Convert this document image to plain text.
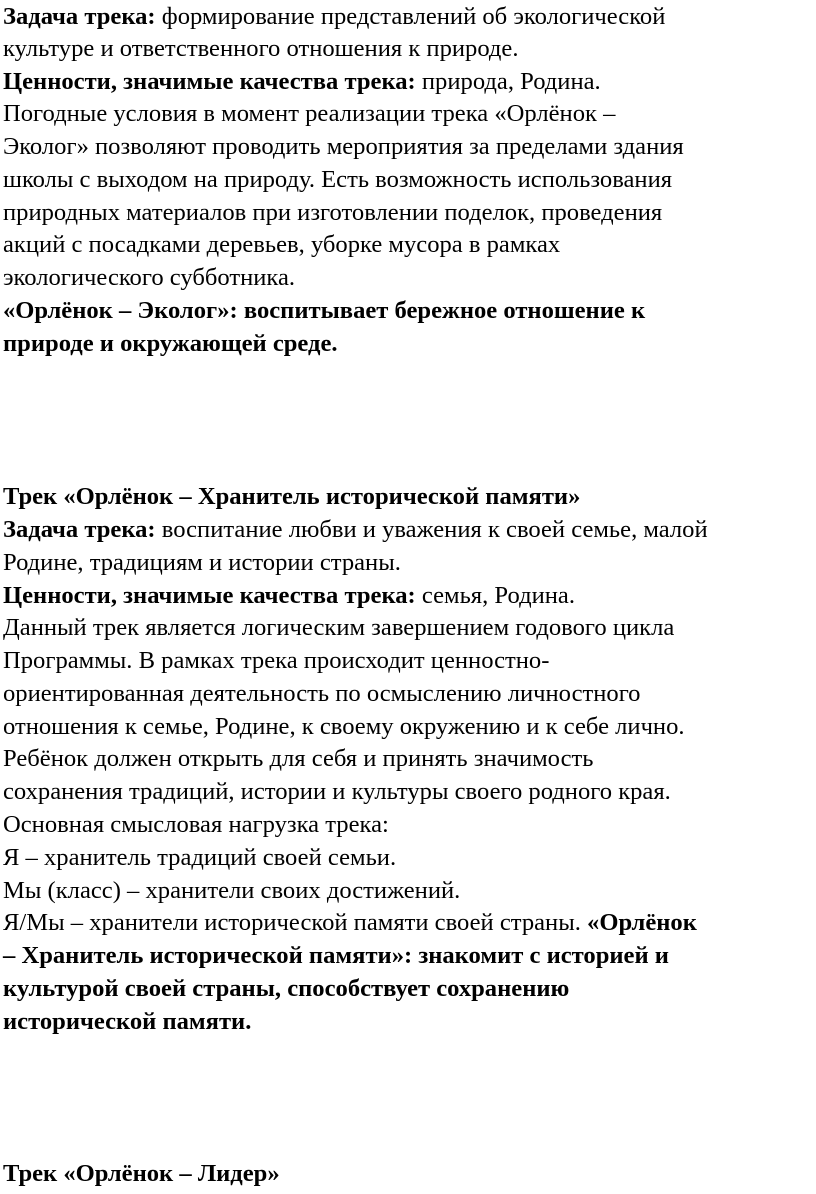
Задача трека: формирование представлений об экологической

культуре и ответственного отношения к природе.

Ценности, значимые качества трека: природа, Родина.

Погодные условия в момент реализации трека «Орлёнок –

Эколог» позволяют проводить мероприятия за пределами здания

школы с выходом на природу. Есть возможность использования

природных материалов при изготовлении поделок, проведения

акций с посадками деревьев, уборке мусора в рамках

экологического субботника.

«Орлёнок – Эколог»: воспитывает бережное отношение к

природе и окружающей среде.

Трек «Орлёнок – Хранитель исторической памяти»

Задача трека: воспитание любви и уважения к своей семье, малой

Родине, традициям и истории страны.

Ценности, значимые качества трека: семья, Родина.

Данный трек является логическим завершением годового цикла

Программы. В рамках трека происходит ценностно-

ориентированная деятельность по осмыслению личностного

отношения к семье, Родине, к своему окружению и к себе лично.

Ребёнок должен открыть для себя и принять значимость

сохранения традиций, истории и культуры своего родного края.

Основная смысловая нагрузка трека:

Я – хранитель традиций своей семьи.

Мы (класс) – хранители своих достижений.

Я/Мы – хранители исторической памяти своей страны. «Орлёнок

– Хранитель исторической памяти»: знакомит с историей и

культурой своей страны, способствует сохранению

исторической памяти.

Трек «Орлёнок – Лидер»
